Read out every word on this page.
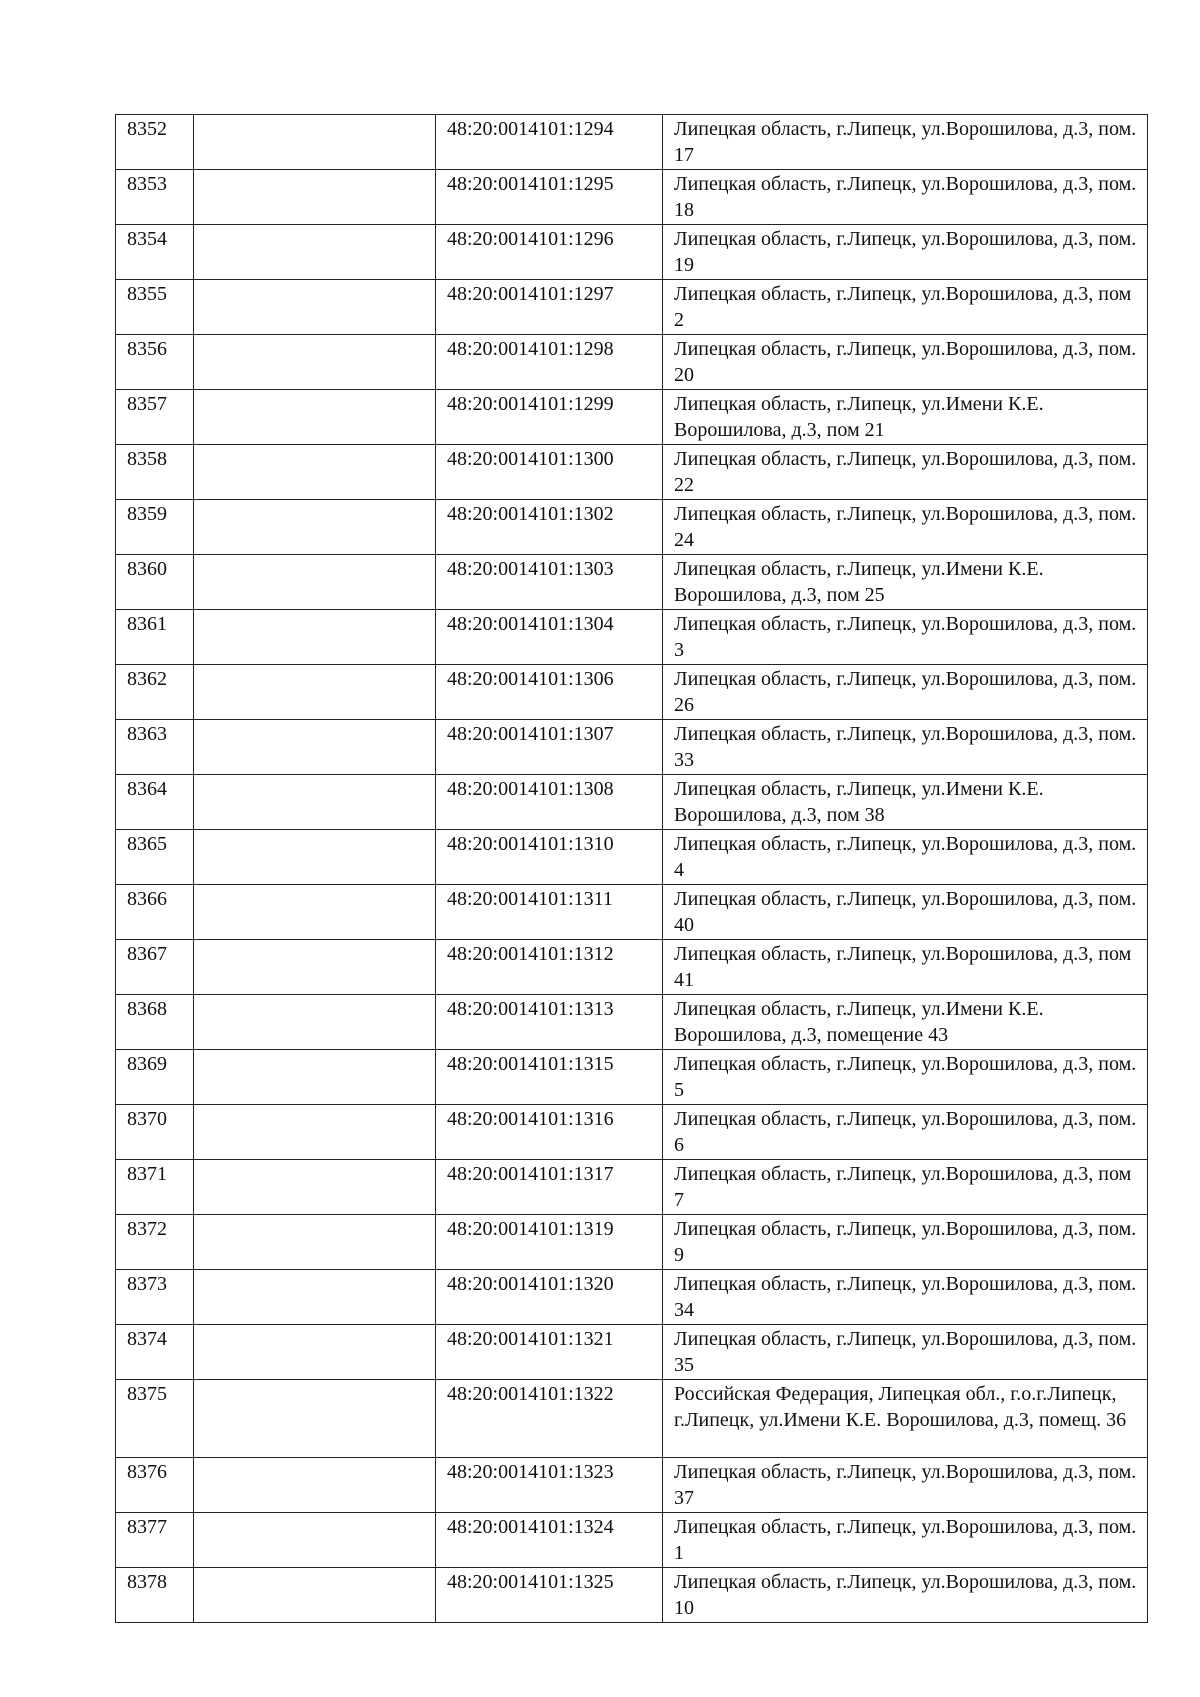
8352		48:20:0014101:1294	Липецкая область, г.Липецк, ул.Ворошилова, д.3, пом. 17
8353		48:20:0014101:1295	Липецкая область, г.Липецк, ул.Ворошилова, д.3, пом. 18
8354		48:20:0014101:1296	Липецкая область, г.Липецк, ул.Ворошилова, д.3, пом. 19
8355		48:20:0014101:1297	Липецкая область, г.Липецк, ул.Ворошилова, д.3, пом 2
8356		48:20:0014101:1298	Липецкая область, г.Липецк, ул.Ворошилова, д.3, пом. 20
8357		48:20:0014101:1299	Липецкая область, г.Липецк, ул.Имени К.Е. Ворошилова, д.3, пом 21
8358		48:20:0014101:1300	Липецкая область, г.Липецк, ул.Ворошилова, д.3, пом. 22
8359		48:20:0014101:1302	Липецкая область, г.Липецк, ул.Ворошилова, д.3, пом. 24
8360		48:20:0014101:1303	Липецкая область, г.Липецк, ул.Имени К.Е. Ворошилова, д.3, пом 25
8361		48:20:0014101:1304	Липецкая область, г.Липецк, ул.Ворошилова, д.3, пом. 3
8362		48:20:0014101:1306	Липецкая область, г.Липецк, ул.Ворошилова, д.3, пом. 26
8363		48:20:0014101:1307	Липецкая область, г.Липецк, ул.Ворошилова, д.3, пом. 33
8364		48:20:0014101:1308	Липецкая область, г.Липецк, ул.Имени К.Е. Ворошилова, д.3, пом 38
8365		48:20:0014101:1310	Липецкая область, г.Липецк, ул.Ворошилова, д.3, пом. 4
8366		48:20:0014101:1311	Липецкая область, г.Липецк, ул.Ворошилова, д.3, пом. 40
8367		48:20:0014101:1312	Липецкая область, г.Липецк, ул.Ворошилова, д.3, пом 41
8368		48:20:0014101:1313	Липецкая область, г.Липецк, ул.Имени К.Е. Ворошилова, д.3, помещение 43
8369		48:20:0014101:1315	Липецкая область, г.Липецк, ул.Ворошилова, д.3, пом. 5
8370		48:20:0014101:1316	Липецкая область, г.Липецк, ул.Ворошилова, д.3, пом. 6
8371		48:20:0014101:1317	Липецкая область, г.Липецк, ул.Ворошилова, д.3, пом 7
8372		48:20:0014101:1319	Липецкая область, г.Липецк, ул.Ворошилова, д.3, пом. 9
8373		48:20:0014101:1320	Липецкая область, г.Липецк, ул.Ворошилова, д.3, пом. 34
8374		48:20:0014101:1321	Липецкая область, г.Липецк, ул.Ворошилова, д.3, пом. 35
8375		48:20:0014101:1322	Российская Федерация, Липецкая обл., г.о.г.Липецк, г.Липецк, ул.Имени К.Е. Ворошилова, д.3, помещ. 36
8376		48:20:0014101:1323	Липецкая область, г.Липецк, ул.Ворошилова, д.3, пом. 37
8377		48:20:0014101:1324	Липецкая область, г.Липецк, ул.Ворошилова, д.3, пом. 1
8378		48:20:0014101:1325	Липецкая область, г.Липецк, ул.Ворошилова, д.3, пом. 10
